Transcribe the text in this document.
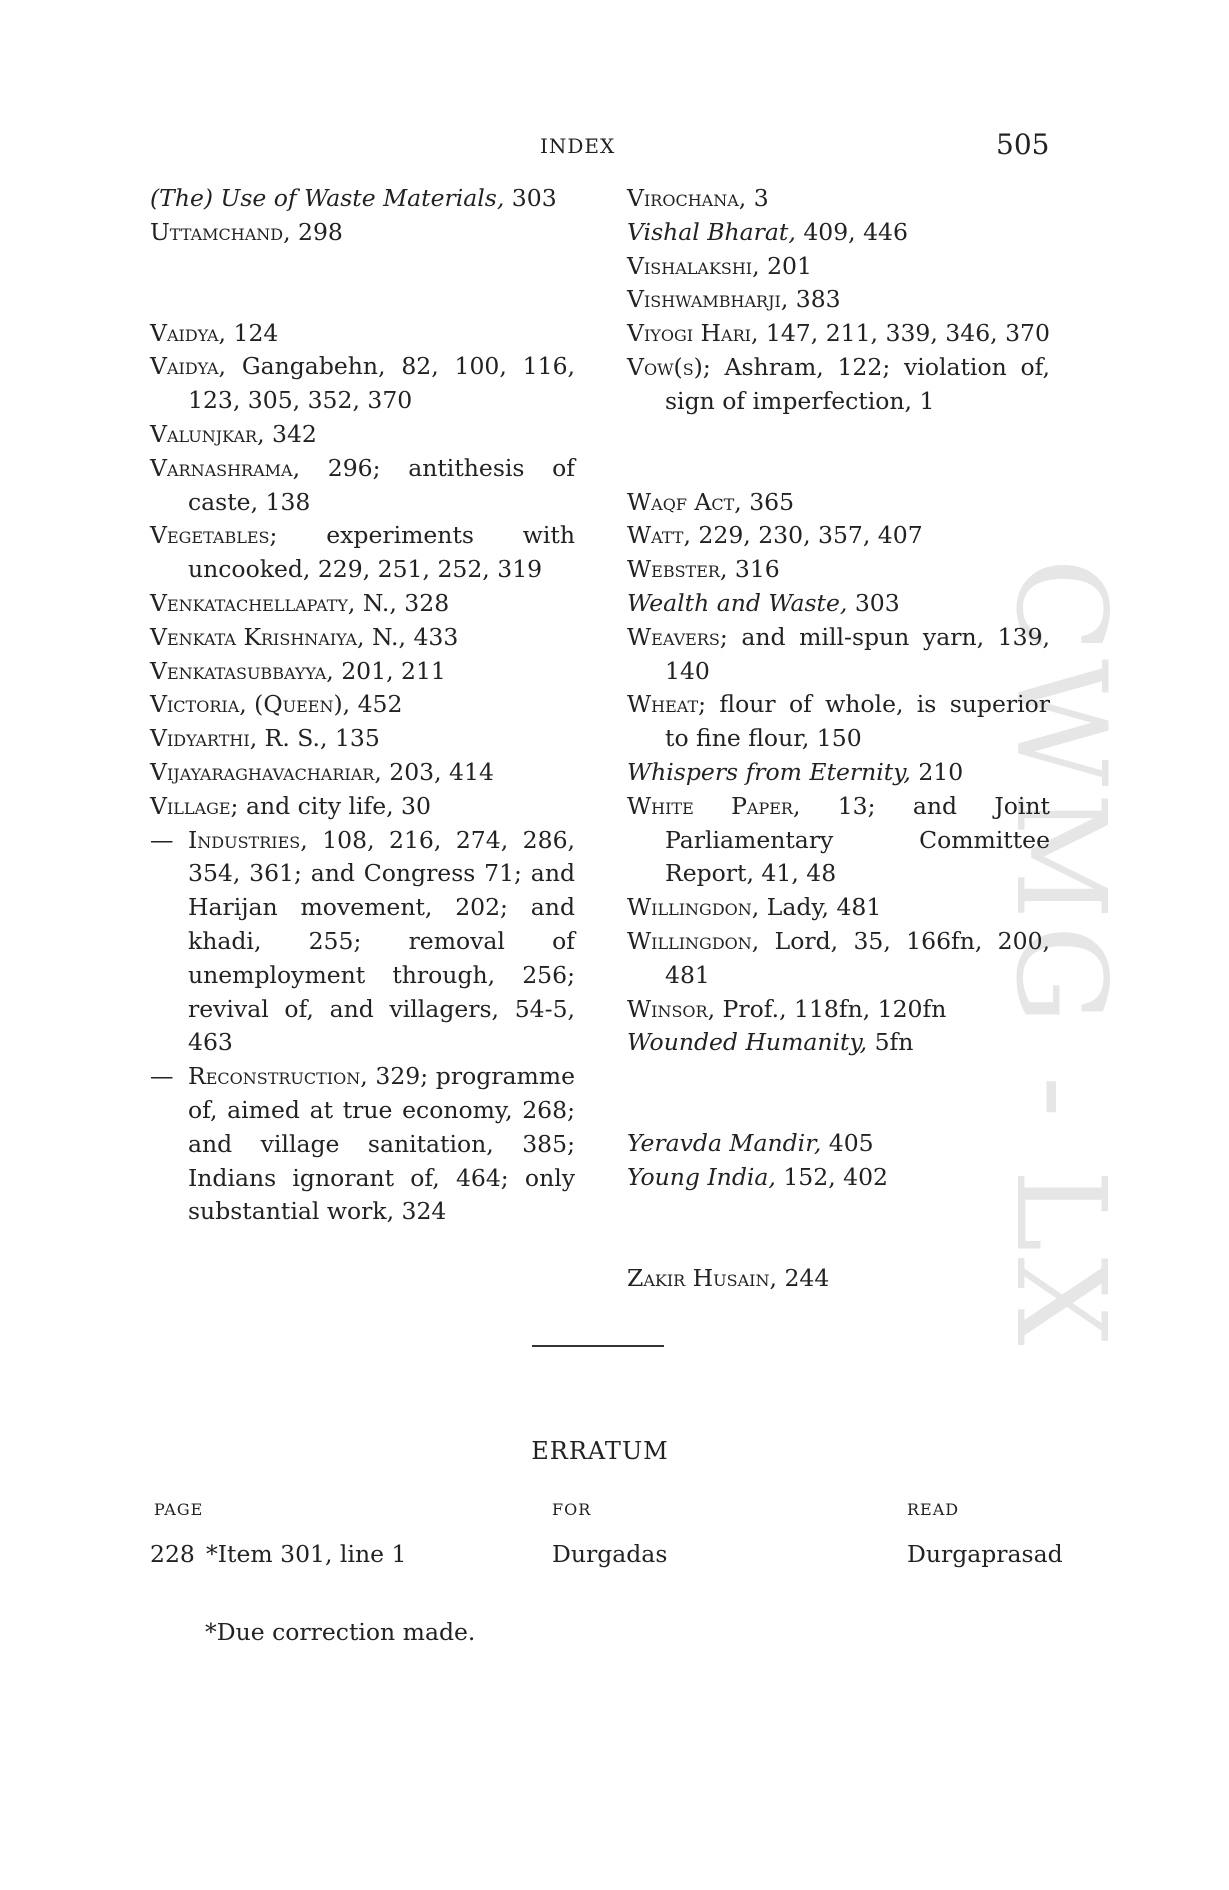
CWMG - LX
INDEX	505
(The) Use of Waste Materials, 303
Uttamchand, 298
Vaidya, 124
Vaidya, Gangabehn, 82, 100, 116, 123, 305, 352, 370
Valunjkar, 342
Varnashrama, 296; antithesis of caste, 138
Vegetables; experiments with uncooked, 229, 251, 252, 319
Venkatachellapaty, N., 328
Venkata Krishnaiya, N., 433
Venkatasubbayya, 201, 211
Victoria, (Queen), 452
Vidyarthi, R. S., 135
Vijayaraghavachariar, 203, 414
Village; and city life, 30
— Industries, 108, 216, 274, 286, 354, 361; and Congress 71; and Harijan movement, 202; and khadi, 255; removal of unemployment through, 256; revival of, and villagers, 54-5, 463
— Reconstruction, 329; programme of, aimed at true economy, 268; and village sanitation, 385; Indians ignorant of, 464; only substantial work, 324
Virochana, 3
Vishal Bharat, 409, 446
Vishalakshi, 201
Vishwambharji, 383
Viyogi Hari, 147, 211, 339, 346, 370
Vow(s); Ashram, 122; violation of, sign of imperfection, 1
Waqf Act, 365
Watt, 229, 230, 357, 407
Webster, 316
Wealth and Waste, 303
Weavers; and mill-spun yarn, 139, 140
Wheat; flour of whole, is superior to fine flour, 150
Whispers from Eternity, 210
White Paper, 13; and Joint Parliamentary Committee Report, 41, 48
Willingdon, Lady, 481
Willingdon, Lord, 35, 166fn, 200, 481
Winsor, Prof., 118fn, 120fn
Wounded Humanity, 5fn
Yeravda Mandir, 405
Young India, 152, 402
Zakir Husain, 244
ERRATUM
PAGE	FOR	READ
228 *Item 301, line 1	Durgadas	Durgaprasad
*Due correction made.
